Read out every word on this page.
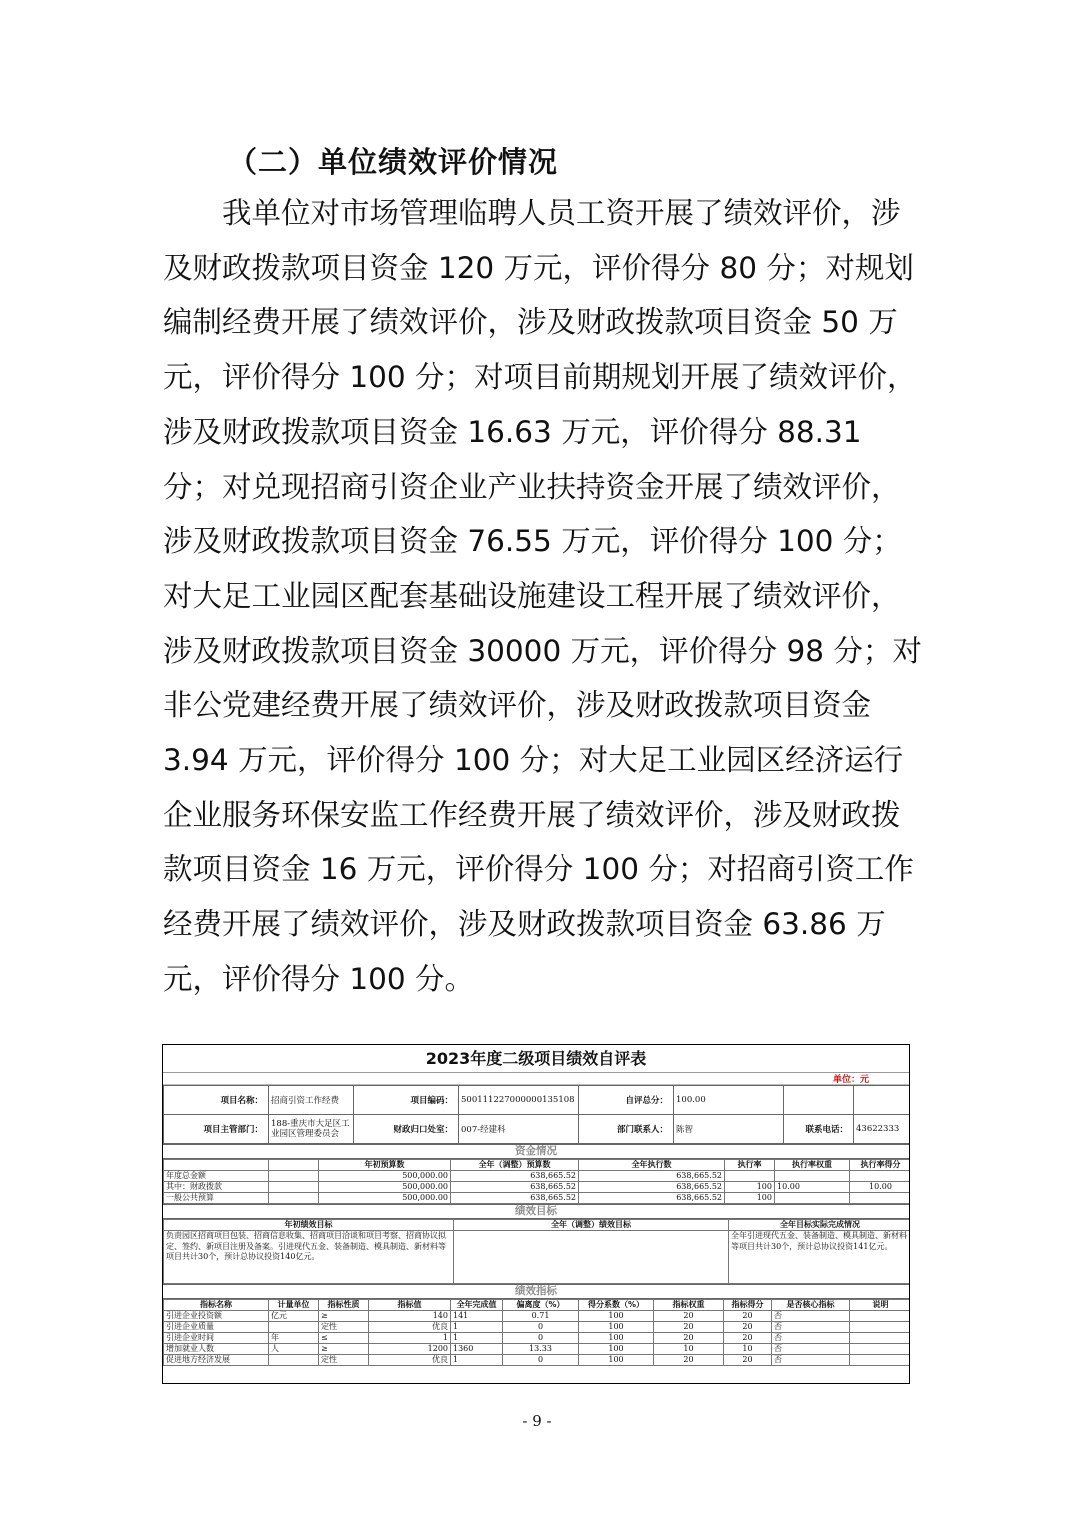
（二）单位绩效评价情况

我单位对市场管理临聘人员工资开展了绩效评价，涉及财政拨款项目资金 120 万元，评价得分 80 分；对规划编制经费开展了绩效评价，涉及财政拨款项目资金 50 万元，评价得分 100 分；对项目前期规划开展了绩效评价，涉及财政拨款项目资金 16.63 万元，评价得分 88.31 分；对兑现招商引资企业产业扶持资金开展了绩效评价，涉及财政拨款项目资金 76.55 万元，评价得分 100 分；对大足工业园区配套基础设施建设工程开展了绩效评价，涉及财政拨款项目资金 30000 万元，评价得分 98 分；对非公党建经费开展了绩效评价，涉及财政拨款项目资金 3.94 万元，评价得分 100 分；对大足工业园区经济运行企业服务环保安监工作经费开展了绩效评价，涉及财政拨款项目资金 16 万元，评价得分 100 分；对招商引资工作经费开展了绩效评价，涉及财政拨款项目资金 63.86 万元，评价得分 100 分。

2023年度二级项目绩效自评表
单位：元
项目名称：	招商引资工作经费	项目编码：	500111227000000135108	自评总分：	100.00		
项目主管部门：	188-重庆市大足区工业园区管理委员会	财政归口处室：	007-经建科	部门联系人：	陈智	联系电话：	43622333
资金情况
		年初预算数	全年（调整）预算数	全年执行数	执行率	执行率权重	执行率得分
年度总金额		500,000.00	638,665.52	638,665.52			
其中：财政拨款		500,000.00	638,665.52	638,665.52	100	10.00	10.00
一般公共预算		500,000.00	638,665.52	638,665.52	100		
绩效目标
年初绩效目标	全年（调整）绩效目标	全年目标实际完成情况
负责园区招商项目包装、招商信息收集、招商项目洽谈和项目考察、招商协议拟定、签约、新项目注册及备案。引进现代五金、装备制造、模具制造、新材料等项目共计30个，预计总协议投资140亿元。		全年引进现代五金、装备制造、模具制造、新材料等项目共计30个，预计总协议投资141亿元。
绩效指标
指标名称	计量单位	指标性质	指标值	全年完成值	偏离度（%）	得分系数（%）	指标权重	指标得分	是否核心指标	说明
引进企业投资额	亿元	≥	140	141	0.71	100	20	20	否	
引进企业质量		定性	优良	1	0	100	20	20	否	
引进企业时间	年	≤	1	1	0	100	20	20	否	
增加就业人数	人	≥	1200	1360	13.33	100	10	10	否	
促进地方经济发展		定性	优良	1	0	100	20	20	否	
- 9 -
